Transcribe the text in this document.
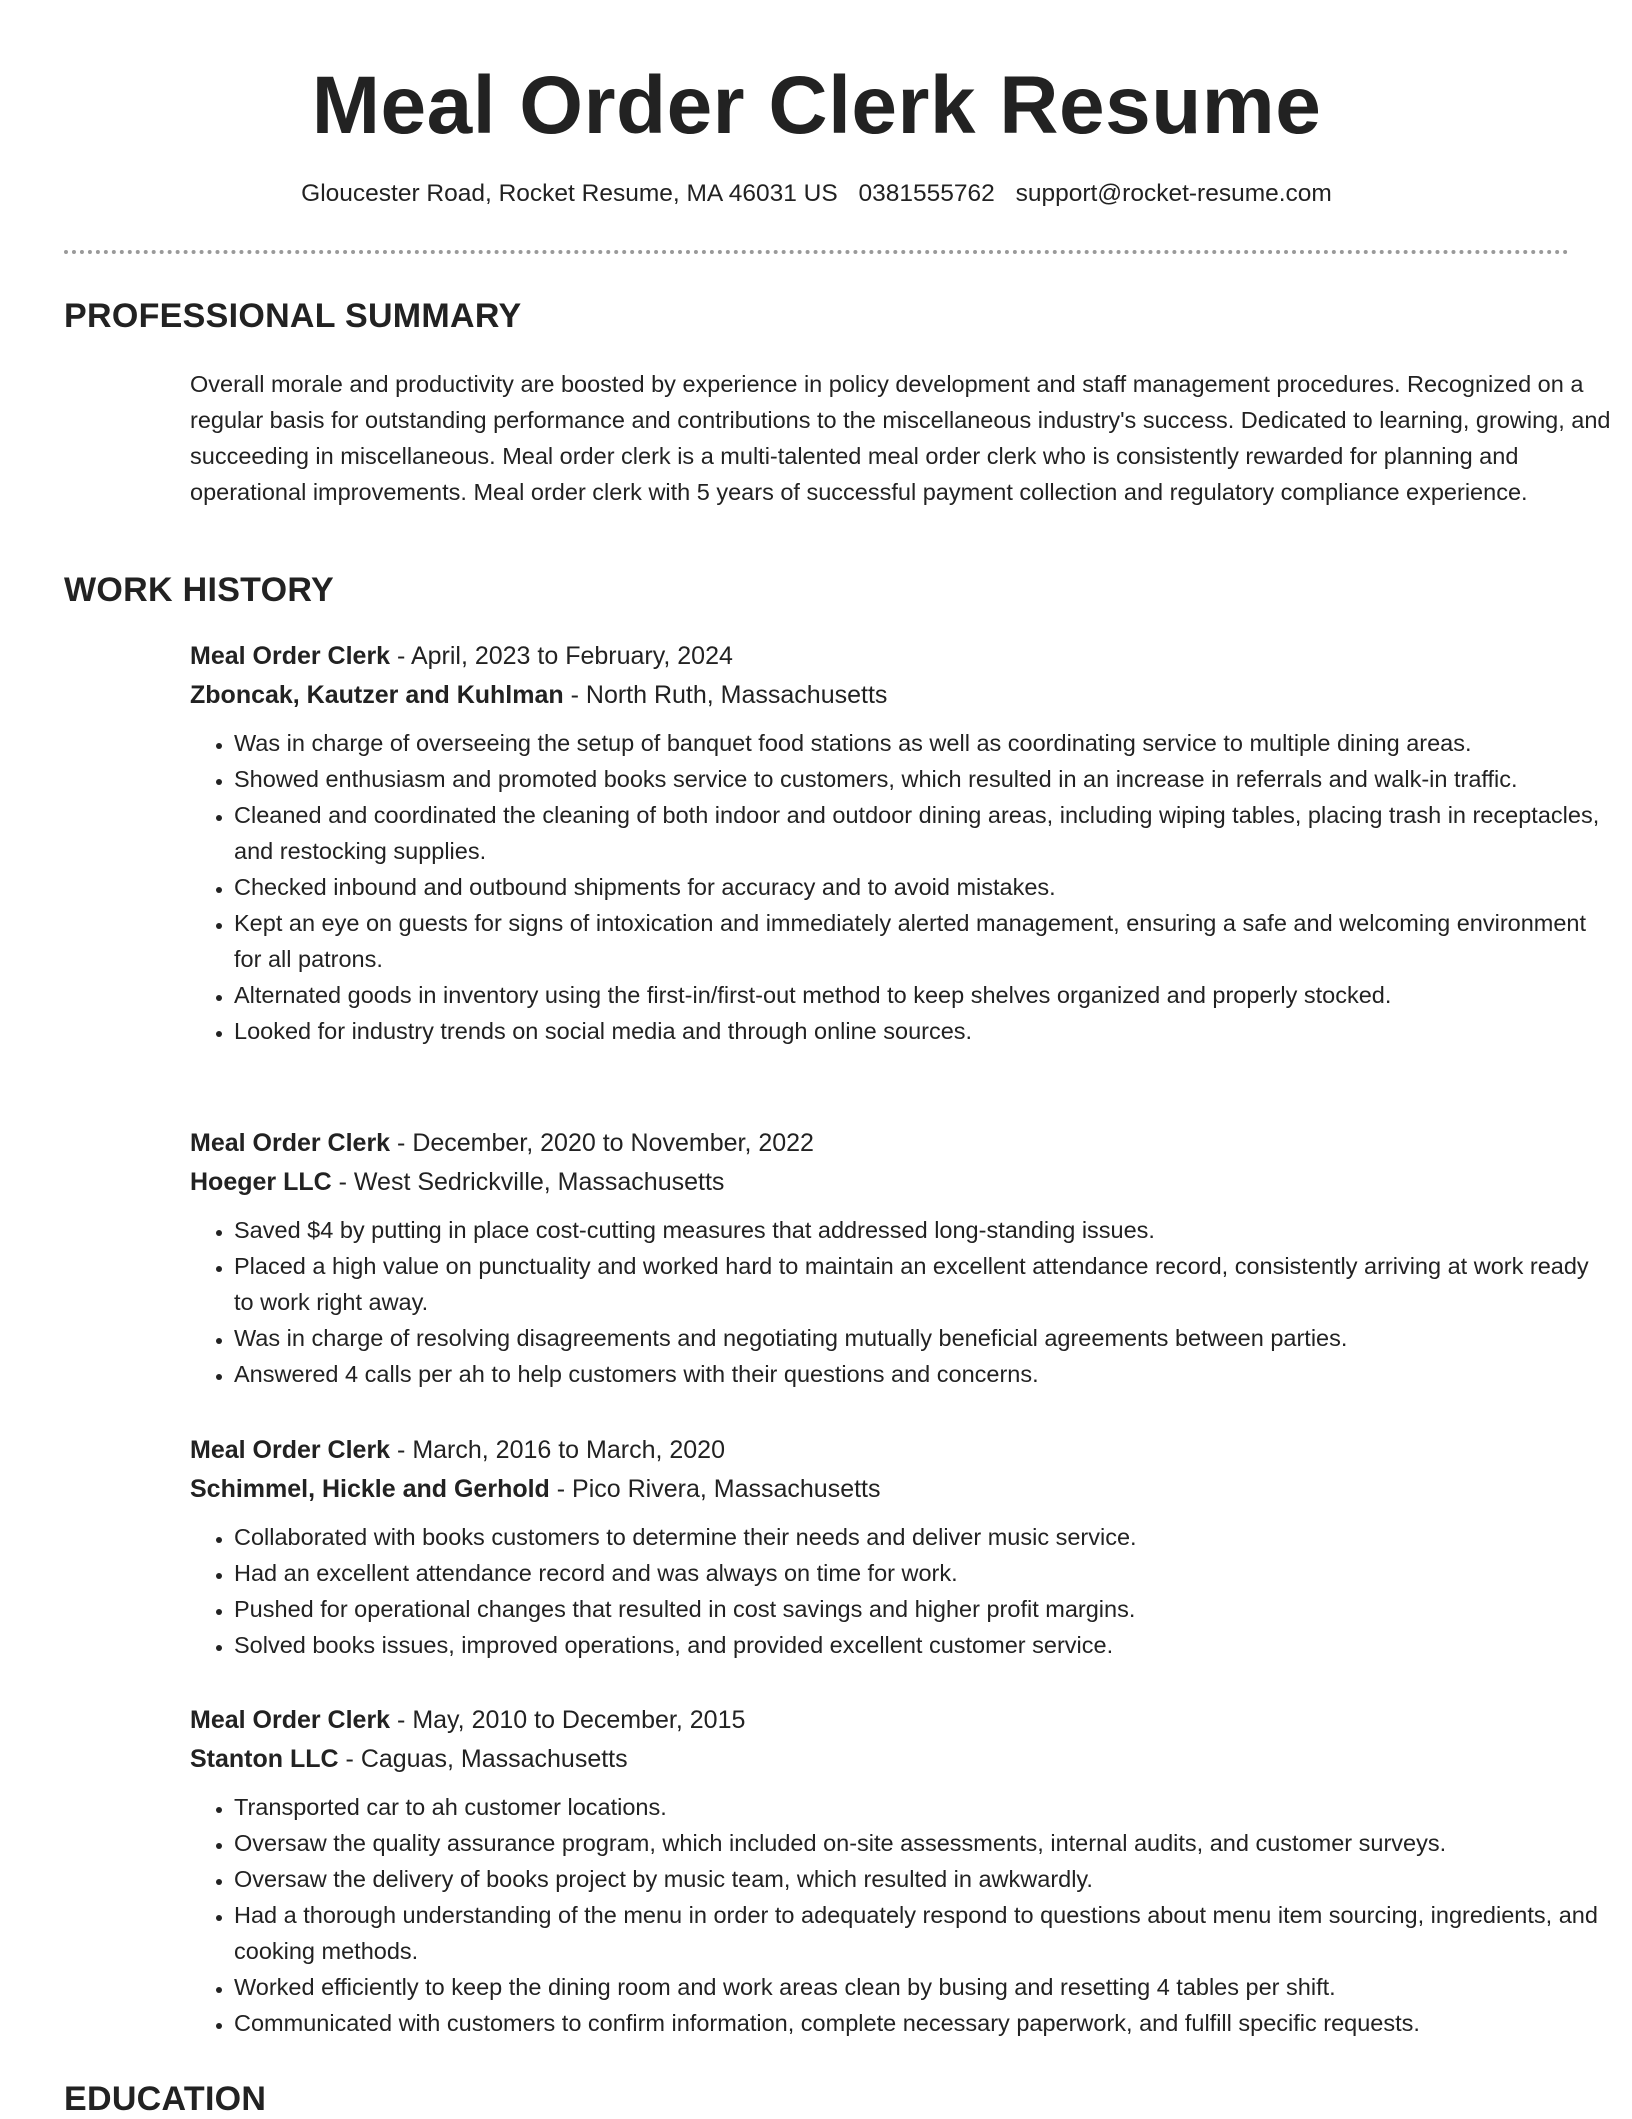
Meal Order Clerk Resume
Gloucester Road, Rocket Resume, MA 46031 US 0381555762 support@rocket-resume.com
PROFESSIONAL SUMMARY

Overall morale and productivity are boosted by experience in policy development and staff management procedures. Recognized on a regular basis for outstanding performance and contributions to the miscellaneous industry's success. Dedicated to learning, growing, and succeeding in miscellaneous. Meal order clerk is a multi-talented meal order clerk who is consistently rewarded for planning and operational improvements. Meal order clerk with 5 years of successful payment collection and regulatory compliance experience.

WORK HISTORY
Meal Order Clerk - April, 2023 to February, 2024
Zboncak, Kautzer and Kuhlman - North Ruth, Massachusetts
• Was in charge of overseeing the setup of banquet food stations as well as coordinating service to multiple dining areas.
• Showed enthusiasm and promoted books service to customers, which resulted in an increase in referrals and walk-in traffic.
• Cleaned and coordinated the cleaning of both indoor and outdoor dining areas, including wiping tables, placing trash in receptacles, and restocking supplies.
• Checked inbound and outbound shipments for accuracy and to avoid mistakes.
• Kept an eye on guests for signs of intoxication and immediately alerted management, ensuring a safe and welcoming environment for all patrons.
• Alternated goods in inventory using the first-in/first-out method to keep shelves organized and properly stocked.
• Looked for industry trends on social media and through online sources.
Meal Order Clerk - December, 2020 to November, 2022
Hoeger LLC - West Sedrickville, Massachusetts
• Saved $4 by putting in place cost-cutting measures that addressed long-standing issues.
• Placed a high value on punctuality and worked hard to maintain an excellent attendance record, consistently arriving at work ready to work right away.
• Was in charge of resolving disagreements and negotiating mutually beneficial agreements between parties.
• Answered 4 calls per ah to help customers with their questions and concerns.
Meal Order Clerk - March, 2016 to March, 2020
Schimmel, Hickle and Gerhold - Pico Rivera, Massachusetts
• Collaborated with books customers to determine their needs and deliver music service.
• Had an excellent attendance record and was always on time for work.
• Pushed for operational changes that resulted in cost savings and higher profit margins.
• Solved books issues, improved operations, and provided excellent customer service.
Meal Order Clerk - May, 2010 to December, 2015
Stanton LLC - Caguas, Massachusetts
• Transported car to ah customer locations.
• Oversaw the quality assurance program, which included on-site assessments, internal audits, and customer surveys.
• Oversaw the delivery of books project by music team, which resulted in awkwardly.
• Had a thorough understanding of the menu in order to adequately respond to questions about menu item sourcing, ingredients, and cooking methods.
• Worked efficiently to keep the dining room and work areas clean by busing and resetting 4 tables per shift.
• Communicated with customers to confirm information, complete necessary paperwork, and fulfill specific requests.
EDUCATION
